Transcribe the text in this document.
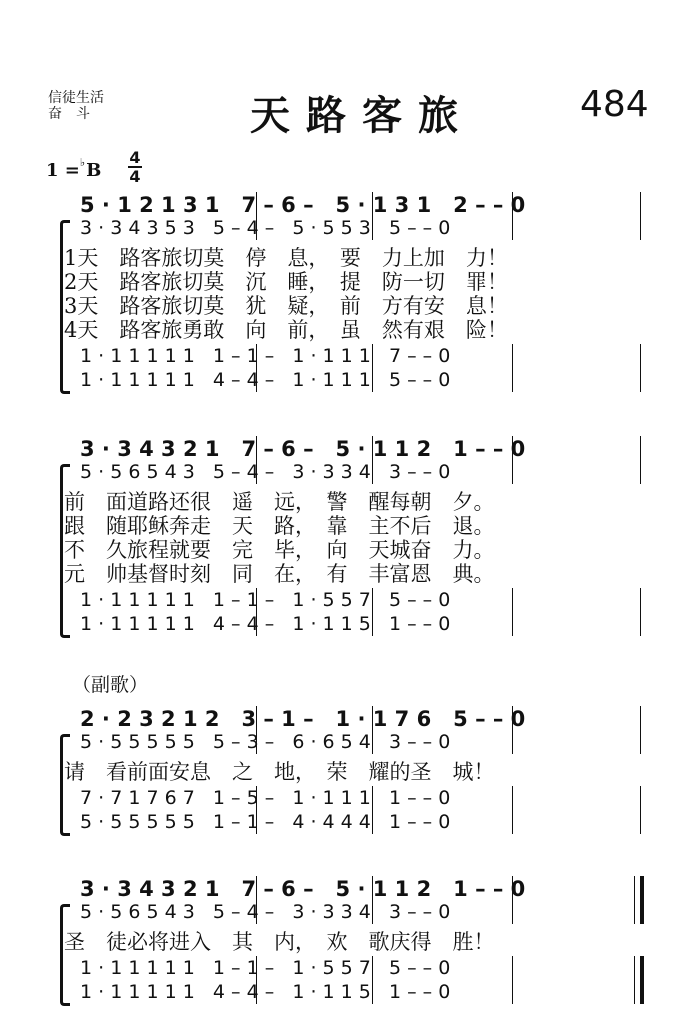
信徒生活
奋　斗	天路客旅	484
1 =♭B
4
4
（副歌）
5 · 1 2 1 3 1   7 – 6 –   5 · 1 3 1   2 – – 0
3 · 3 4 3 5 3   5 – 4 –   5 · 5 5 3   5 – – 0
1天　路客旅切莫　停　息，　要　力上加　力！
2天　路客旅切莫　沉　睡，　提　防一切　罪！
3天　路客旅切莫　犹　疑，　前　方有安　息！
4天　路客旅勇敢　向　前，　虽　然有艰　险！
1 · 1 1 1 1 1   1 – 1 –   1 · 1 1 1   7 – – 0
1 · 1 1 1 1 1   4 – 4 –   1 · 1 1 1   5 – – 0
3 · 3 4 3 2 1   7 – 6 –   5 · 1 1 2   1 – – 0
5 · 5 6 5 4 3   5 – 4 –   3 · 3 3 4   3 – – 0
前　面道路还很　遥　远，　警　醒每朝　夕。
跟　随耶稣奔走　天　路，　靠　主不后　退。
不　久旅程就要　完　毕，　向　天城奋　力。
元　帅基督时刻　同　在，　有　丰富恩　典。
1 · 1 1 1 1 1   1 – 1 –   1 · 5 5 7   5 – – 0
1 · 1 1 1 1 1   4 – 4 –   1 · 1 1 5   1 – – 0
2 · 2 3 2 1 2   3 – 1 –   1 · 1 7 6   5 – – 0
5 · 5 5 5 5 5   5 – 3 –   6 · 6 5 4   3 – – 0
请　看前面安息　之　地，　荣　耀的圣　城！
7 · 7 1 7 6 7   1 – 5 –   1 · 1 1 1   1 – – 0
5 · 5 5 5 5 5   1 – 1 –   4 · 4 4 4   1 – – 0
3 · 3 4 3 2 1   7 – 6 –   5 · 1 1 2   1 – – 0
5 · 5 6 5 4 3   5 – 4 –   3 · 3 3 4   3 – – 0
圣　徒必将进入　其　内，　欢　歌庆得　胜！
1 · 1 1 1 1 1   1 – 1 –   1 · 5 5 7   5 – – 0
1 · 1 1 1 1 1   4 – 4 –   1 · 1 1 5   1 – – 0
